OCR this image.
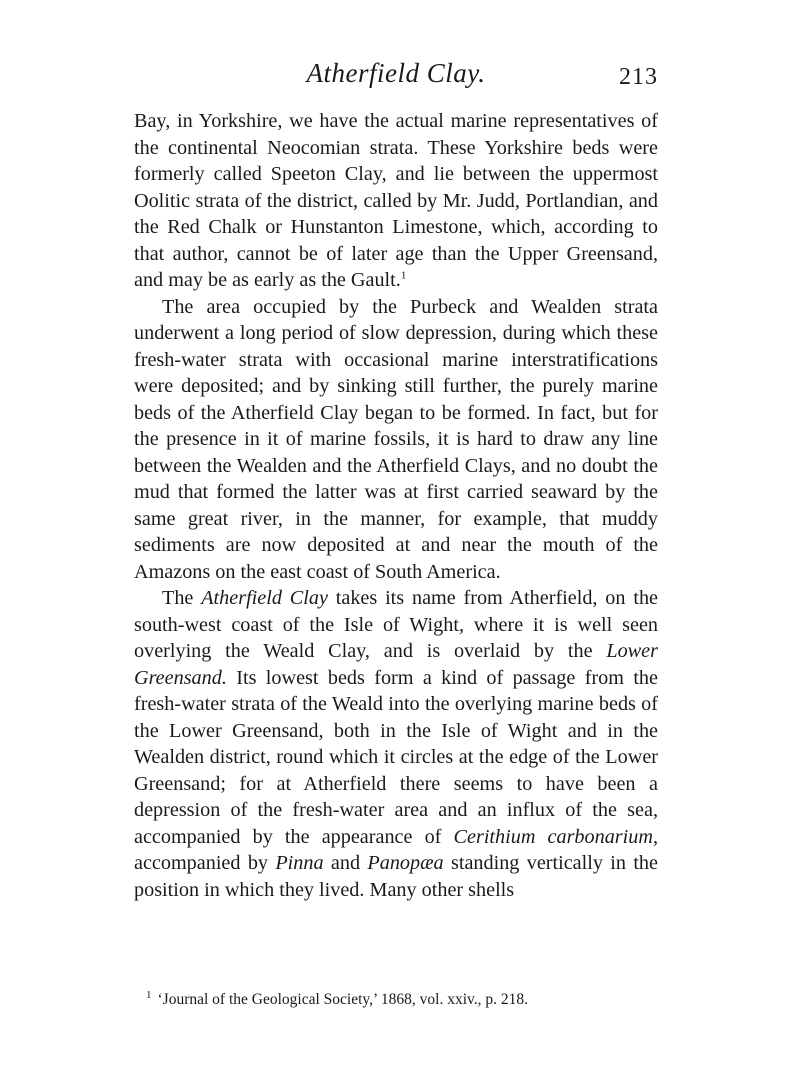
Atherfield Clay.	213

Bay, in Yorkshire, we have the actual marine representatives of the continental Neocomian strata. These Yorkshire beds were formerly called Speeton Clay, and lie between the uppermost Oolitic strata of the district, called by Mr. Judd, Portlandian, and the Red Chalk or Hunstanton Limestone, which, according to that author, cannot be of later age than the Upper Greensand, and may be as early as the Gault.$^1$

The area occupied by the Purbeck and Wealden strata underwent a long period of slow depression, during which these fresh-water strata with occasional marine interstratifications were deposited; and by sinking still further, the purely marine beds of the Atherfield Clay began to be formed. In fact, but for the presence in it of marine fossils, it is hard to draw any line between the Wealden and the Atherfield Clays, and no doubt the mud that formed the latter was at first carried seaward by the same great river, in the manner, for example, that muddy sediments are now deposited at and near the mouth of the Amazons on the east coast of South America.

The Atherfield Clay takes its name from Atherfield, on the south-west coast of the Isle of Wight, where it is well seen overlying the Weald Clay, and is overlaid by the Lower Greensand. Its lowest beds form a kind of passage from the fresh-water strata of the Weald into the overlying marine beds of the Lower Greensand, both in the Isle of Wight and in the Wealden district, round which it circles at the edge of the Lower Greensand; for at Atherfield there seems to have been a depression of the fresh-water area and an influx of the sea, accompanied by the appearance of Cerithium carbonarium, accompanied by Pinna and Panopæa standing vertically in the position in which they lived. Many other shells

$^1$ ‘Journal of the Geological Society,’ 1868, vol. xxiv., p. 218.
